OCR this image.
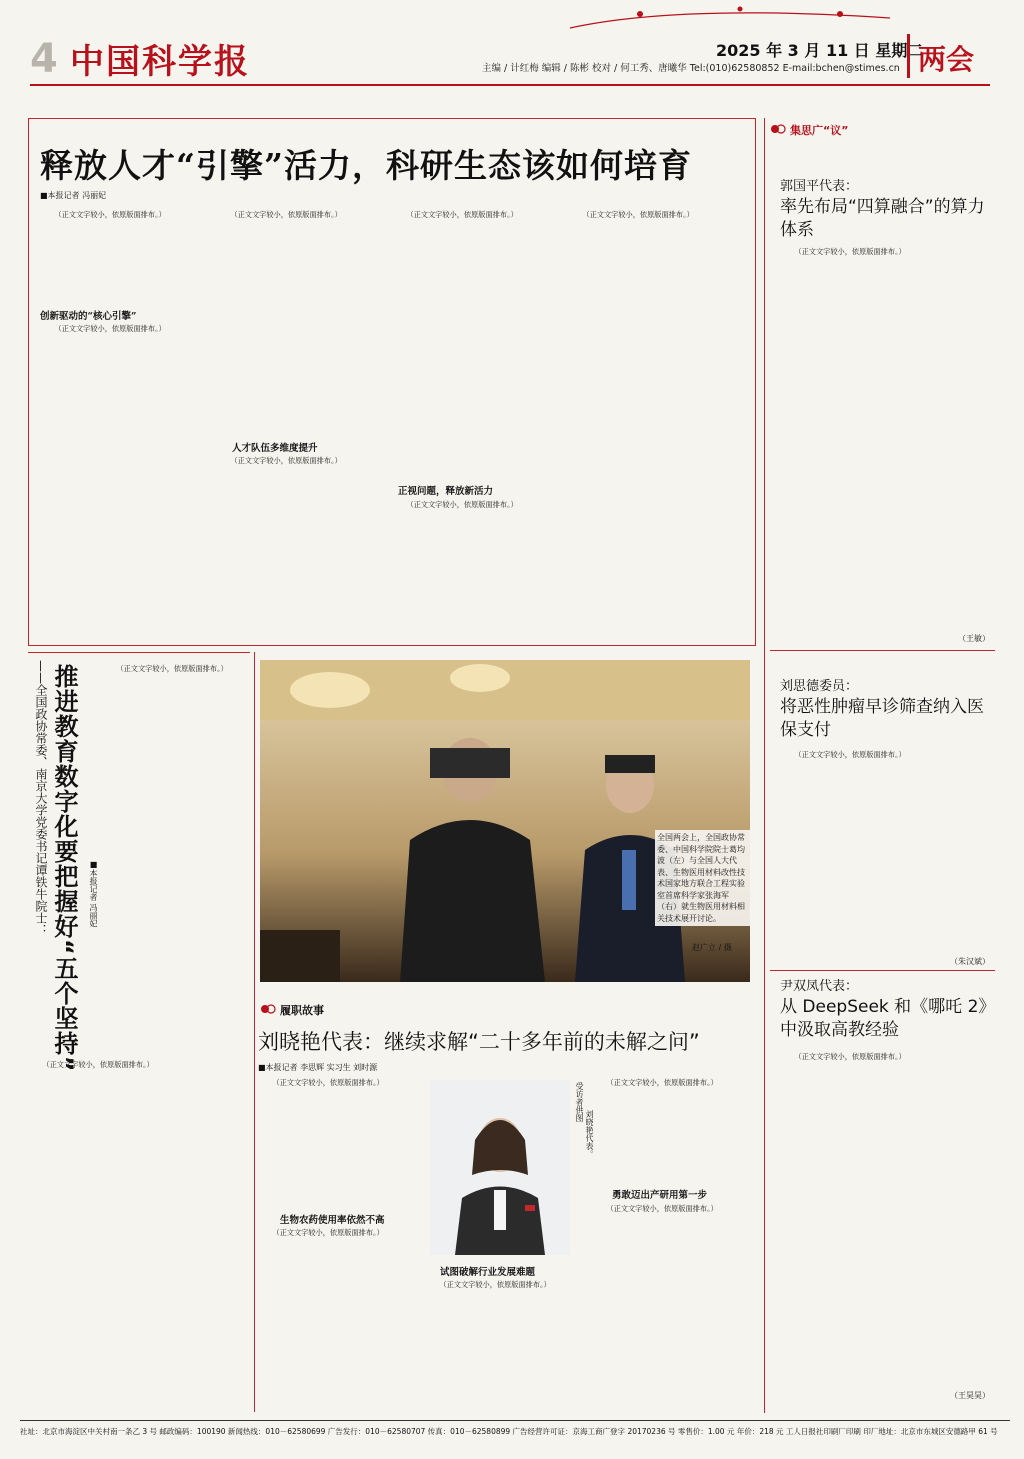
4 中国科学报	2025 年 3 月 11 日 星期二
两会
主编 / 计红梅 编辑 / 陈彬 校对 / 何工秀、唐曦华 Tel:(010)62580852 E-mail:bchen@stimes.cn
释放人才“引擎”活力，科研生态该如何培育
■本报记者 冯丽妃

（正文文字较小，依原版面排布。）

创新驱动的“核心引擎”

（正文文字较小，依原版面排布。）

（正文文字较小，依原版面排布。）

人才队伍多维度提升

（正文文字较小，依原版面排布。）

（正文文字较小，依原版面排布。）

正视问题，释放新活力

（正文文字较小，依原版面排布。）

（正文文字较小，依原版面排布。）

集思广“议”
郭国平代表：
率先布局“四算融合”的算力体系

（正文文字较小，依原版面排布。）

（王敏）
刘思德委员：
将恶性肿瘤早诊筛查纳入医保支付

（正文文字较小，依原版面排布。）

（朱汉斌）
尹双凤代表：
从 DeepSeek 和《哪吒 2》中汲取高教经验

（正文文字较小，依原版面排布。）

（王昊昊）
推进教育数字化要把握好“五个坚持”
——全国政协常委、南京大学党委书记谭铁牛院士：	■本报记者 冯丽妃

（正文文字较小，依原版面排布。）

（正文文字较小，依原版面排布。）

全国两会上，全国政协常委、中国科学院院士葛均波（左）与全国人大代表、生物医用材料改性技术国家地方联合工程实验室首席科学家张海军（右）就生物医用材料相关技术展开讨论。
赵广立 / 摄
履职故事
刘晓艳代表：继续求解“二十多年前的未解之问”
■本报记者 李思辉 实习生 刘时源

（正文文字较小，依原版面排布。）

生物农药使用率依然不高

（正文文字较小，依原版面排布。）

受访者供图
刘晓艳代表。
试图破解行业发展难题

（正文文字较小，依原版面排布。）

（正文文字较小，依原版面排布。）

勇敢迈出产研用第一步

（正文文字较小，依原版面排布。）

社址：北京市海淀区中关村南一条乙 3 号 邮政编码：100190 新闻热线：010－62580699 广告发行：010－62580707 传真：010－62580899 广告经营许可证：京海工商广登字 20170236 号 零售价：1.00 元 年价：218 元 工人日报社印刷厂印刷 印厂地址：北京市东城区安德路甲 61 号
